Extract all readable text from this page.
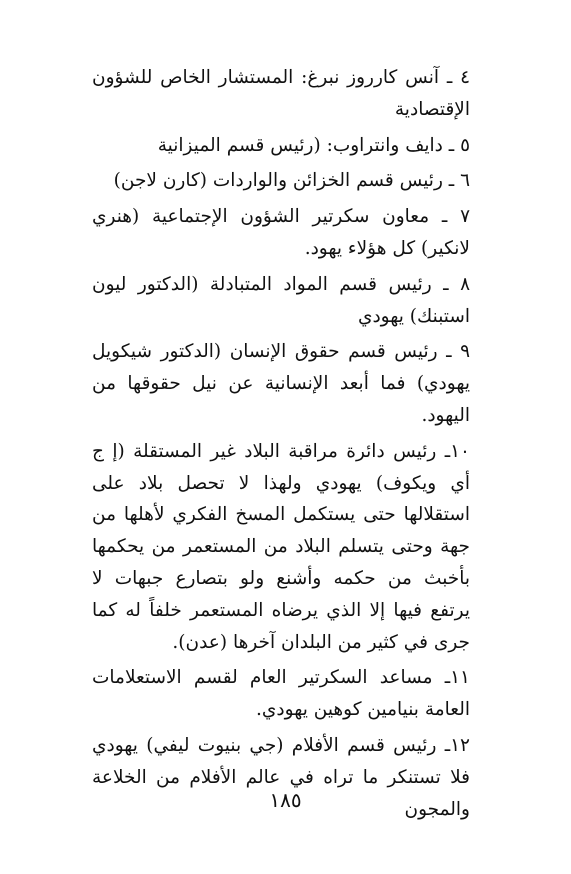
٤ ـ آنس كارروز نبرغ: المستشار الخاص للشؤون الإقتصادية

٥ ـ دايف وانتراوب: (رئيس قسم الميزانية

٦ ـ رئيس قسم الخزائن والواردات (كارن لاجن)

٧ ـ معاون سكرتير الشؤون الإجتماعية (هنري لانكير) كل هؤلاء يهود.

٨ ـ رئيس قسم المواد المتبادلة (الدكتور ليون استبنك) يهودي

٩ ـ رئيس قسم حقوق الإنسان (الدكتور شيكويل يهودي) فما أبعد الإنسانية عن نيل حقوقها من اليهود.

١٠ـ رئيس دائرة مراقبة البلاد غير المستقلة (إ ج أي ويكوف) يهودي ولهذا لا تحصل بلاد على استقلالها حتى يستكمل المسخ الفكري لأهلها من جهة وحتى يتسلم البلاد من المستعمر من يحكمها بأخبث من حكمه وأشنع ولو بتصارع جبهات لا يرتفع فيها إلا الذي يرضاه المستعمر خلفاً له كما جرى في كثير من البلدان آخرها (عدن).

١١ـ مساعد السكرتير العام لقسم الاستعلامات العامة بنيامين كوهين يهودي.

١٢ـ رئيس قسم الأفلام (جي بنيوت ليفي) يهودي فلا تستنكر ما تراه في عالم الأفلام من الخلاعة والمجون

١٨٥
